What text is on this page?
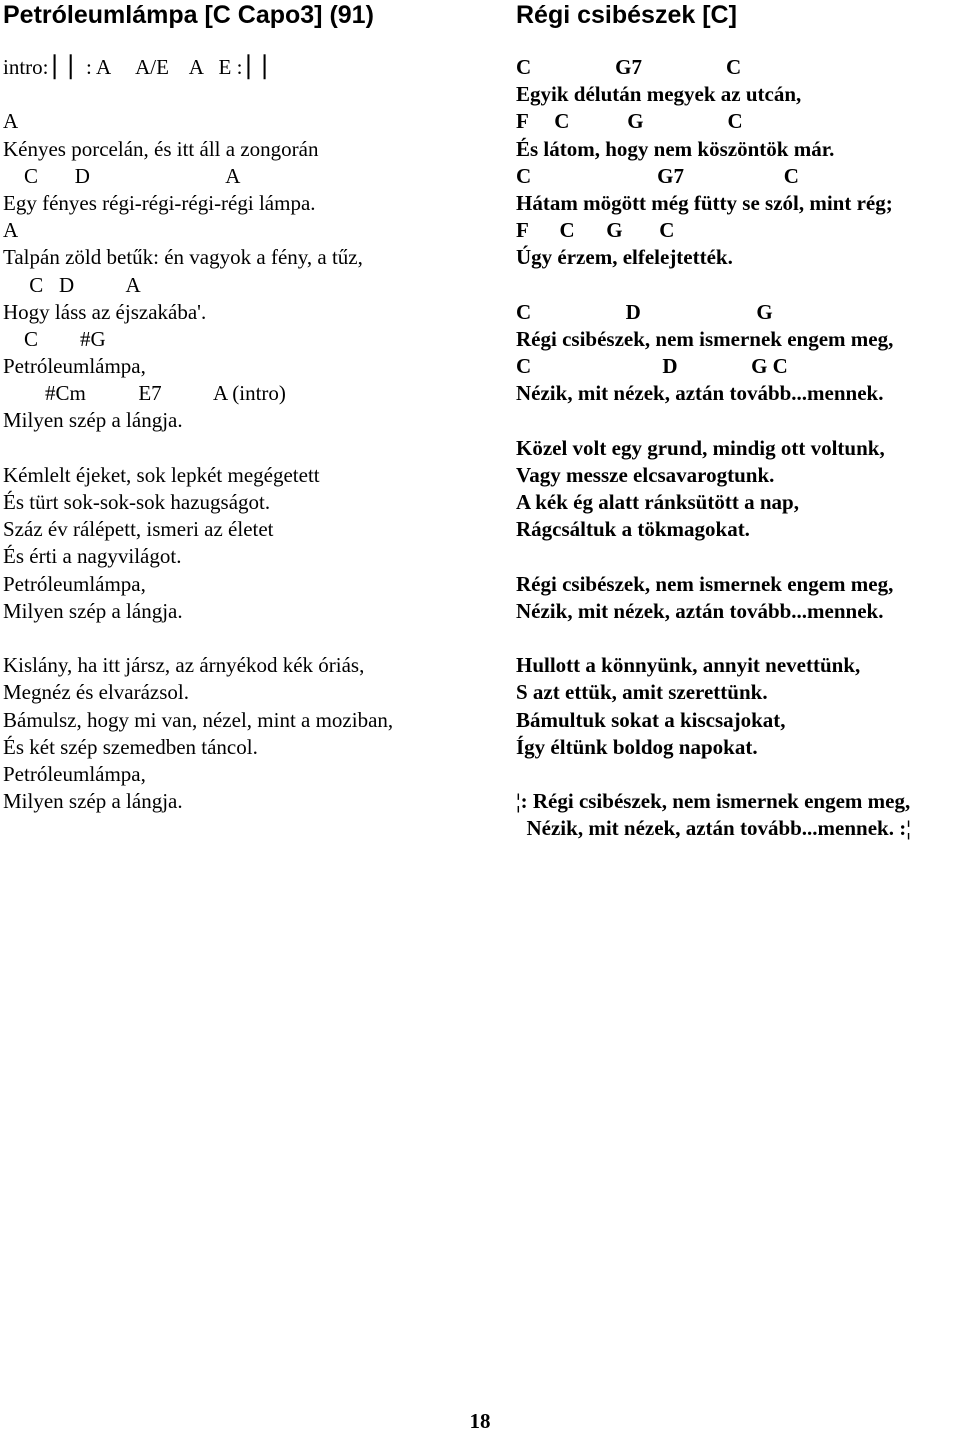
Petróleumlámpa [C Capo3] (91)
intro: ▏▏: A     A/E    A   E : ▏▏
A
Kényes porcelán, és itt áll a zongorán
C       D                          A
Egy fényes régi-régi-régi-régi lámpa.
A
Talpán zöld betűk: én vagyok a fény, a tűz,
C   D          A
Hogy láss az éjszakába'.
C        #G
Petróleumlámpa,
#Cm          E7          A (intro)
Milyen szép a lángja.
Kémlelt éjeket, sok lepkét megégetett
És türt sok-sok-sok hazugságot.
Száz év rálépett, ismeri az életet
És érti a nagyvilágot.
Petróleumlámpa,
Milyen szép a lángja.
Kislány, ha itt jársz, az árnyékod kék óriás,
Megnéz és elvarázsol.
Bámulsz, hogy mi van, nézel, mint a moziban,
És két szép szemedben táncol.
Petróleumlámpa,
Milyen szép a lángja.
Régi csibészek [C]
C                G7                C
Egyik délután megyek az utcán,
F     C           G                C
És látom, hogy nem köszöntök már.
C                        G7                   C
Hátam mögött még fütty se szól, mint rég;
F      C      G       C
Úgy érzem, elfelejtették.
C                  D                      G
Régi csibészek, nem ismernek engem meg,
C                         D              G C
Nézik, mit nézek, aztán tovább...mennek.
Közel volt egy grund, mindig ott voltunk,
Vagy messze elcsavarogtunk.
A kék ég alatt ránksütött a nap,
Rágcsáltuk a tökmagokat.
Régi csibészek, nem ismernek engem meg,
Nézik, mit nézek, aztán tovább...mennek.
Hullott a könnyünk, annyit nevettünk,
S azt ettük, amit szerettünk.
Bámultuk sokat a kiscsajokat,
Így éltünk boldog napokat.
¦: Régi csibészek, nem ismernek engem meg,
Nézik, mit nézek, aztán tovább...mennek. :¦
18
